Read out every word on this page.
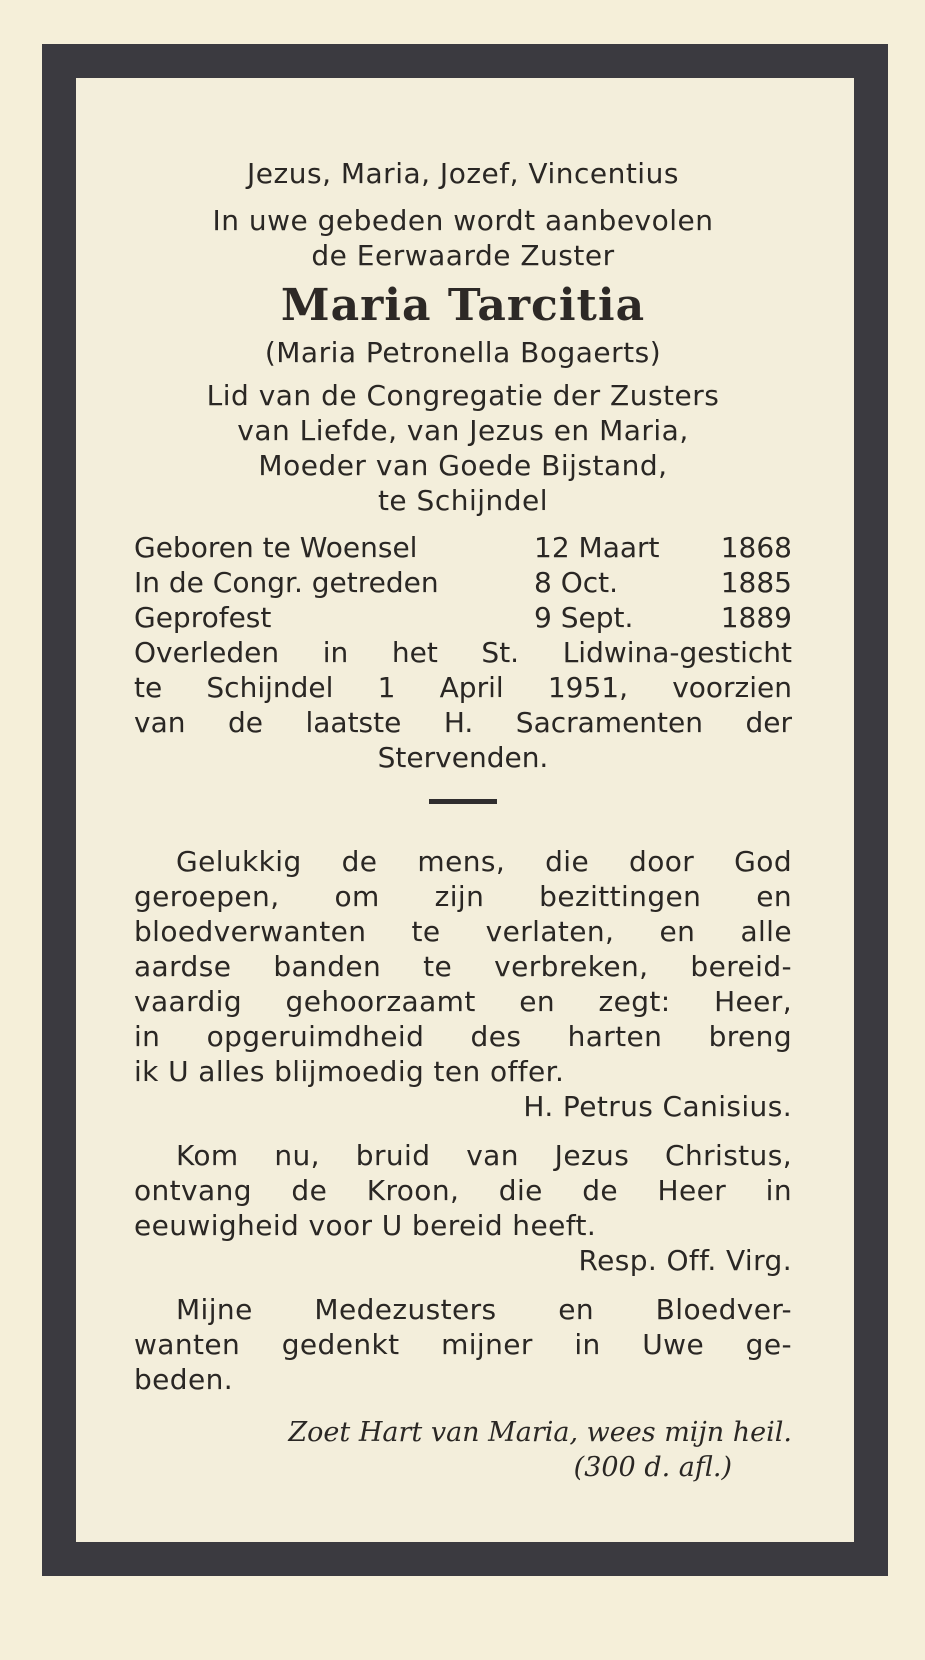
Jezus, Maria, Jozef, Vincentius
In uwe gebeden wordt aanbevolen
de Eerwaarde Zuster
Maria Tarcitia
(Maria Petronella Bogaerts)
Lid van de Congregatie der Zusters
van Liefde, van Jezus en Maria,
Moeder van Goede Bijstand,
te Schijndel
Geboren te Woensel	12 Maart	1868
In de Congr. getreden	8 Oct.	1885
Geprofest	9 Sept.	1889
Overleden in het St. Lidwina-gesticht
te Schijndel 1 April 1951, voorzien
van de laatste H. Sacramenten der
Stervenden.
Gelukkig de mens, die door God
geroepen, om zijn bezittingen en
bloedverwanten te verlaten, en alle
aardse banden te verbreken, bereid-
vaardig gehoorzaamt en zegt: Heer,
in opgeruimdheid des harten breng
ik U alles blijmoedig ten offer.
H. Petrus Canisius.
Kom nu, bruid van Jezus Christus,
ontvang de Kroon, die de Heer in
eeuwigheid voor U bereid heeft.
Resp. Off. Virg.
Mijne Medezusters en Bloedver-
wanten gedenkt mijner in Uwe ge-
beden.
Zoet Hart van Maria, wees mijn heil.
(300 d. afl.)
